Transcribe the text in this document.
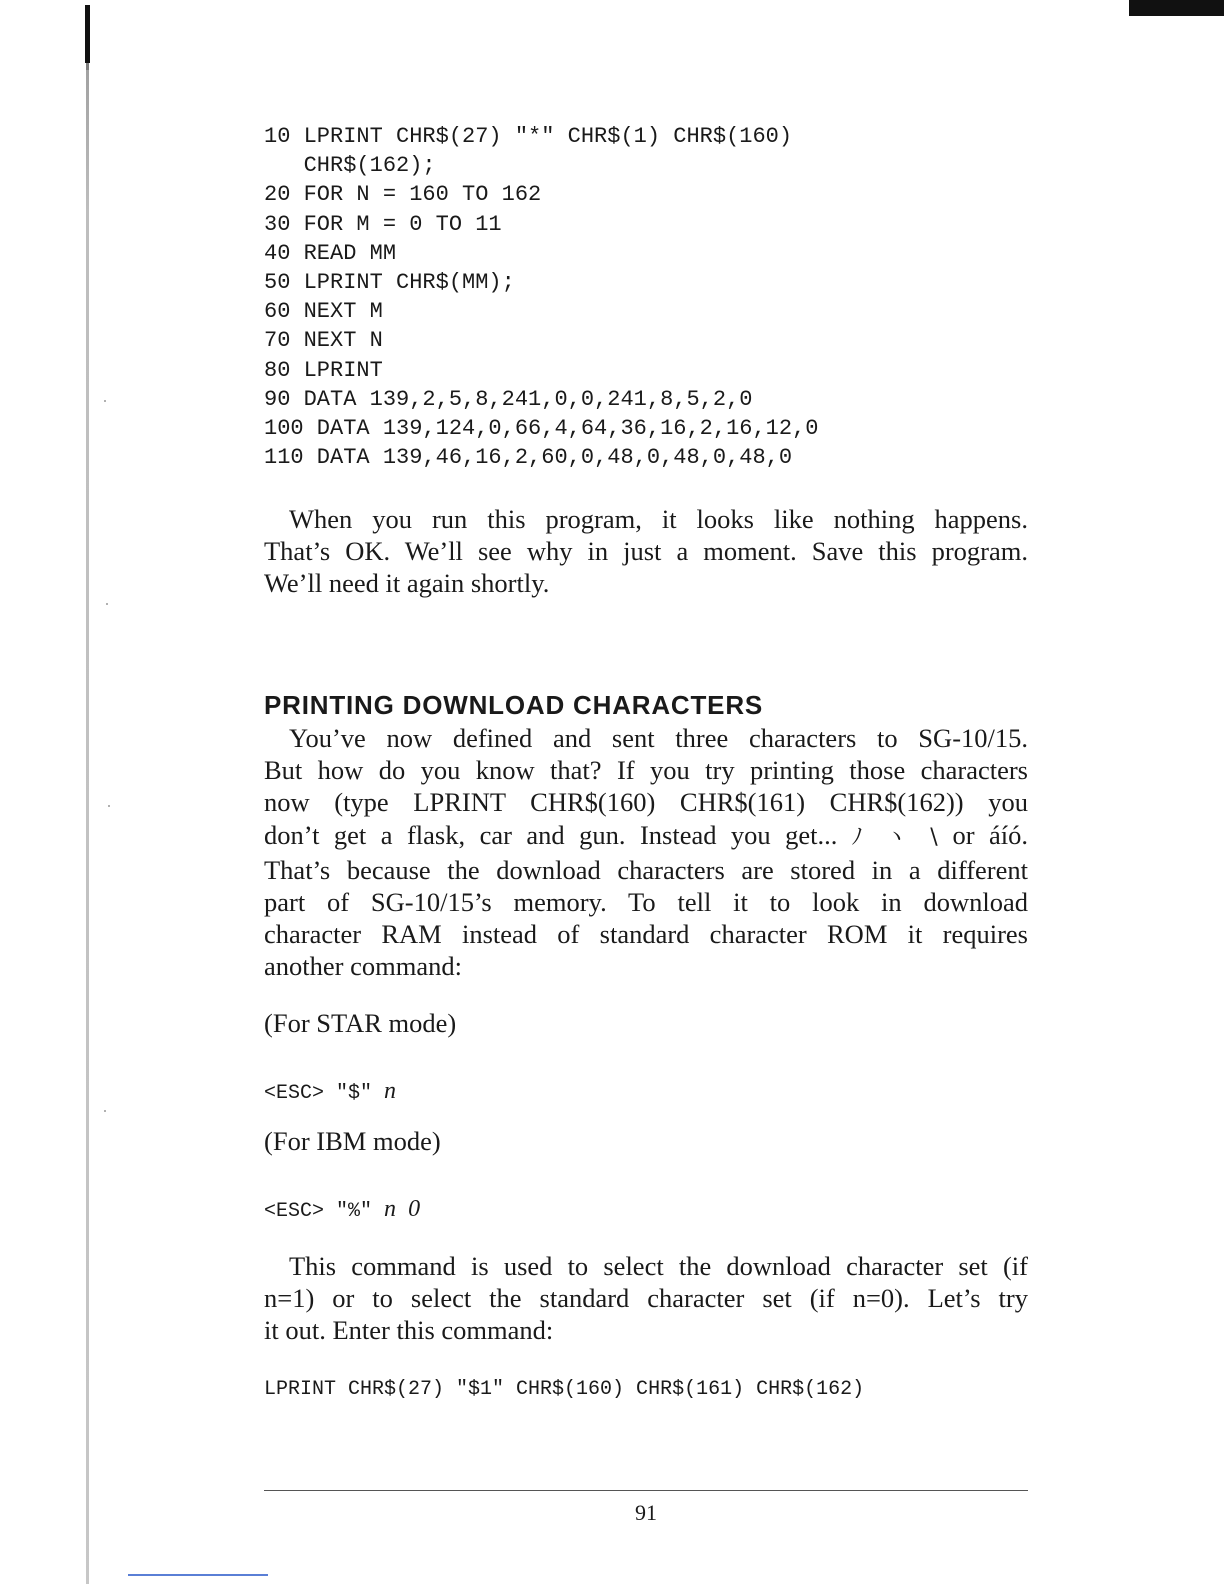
10 LPRINT CHR$(27) "*" CHR$(1) CHR$(160)
CHR$(162);
20 FOR N = 160 TO 162
30 FOR M = 0 TO 11
40 READ MM
50 LPRINT CHR$(MM);
60 NEXT M
70 NEXT N
80 LPRINT
90 DATA 139,2,5,8,241,0,0,241,8,5,2,0
100 DATA 139,124,0,66,4,64,36,16,2,16,12,0
110 DATA 139,46,16,2,60,0,48,0,48,0,48,0
When you run this program, it looks like nothing happens.
That’s OK. We’ll see why in just a moment. Save this program.
We’ll need it again shortly.
PRINTING DOWNLOAD CHARACTERS
You’ve now defined and sent three characters to SG-10/15.
But how do you know that? If you try printing those characters
now (type LPRINT CHR$(160) CHR$(161) CHR$(162)) you
don’t get a flask, car and gun. Instead you get... ﾉ ヽ \ or áíó.
That’s because the download characters are stored in a different
part of SG-10/15’s memory. To tell it to look in download
character RAM instead of standard character ROM it requires
another command:

(For STAR mode)

<ESC> "$" n

(For IBM mode)

<ESC> "%" n 0

This command is used to select the download character set (if
n=1) or to select the standard character set (if n=0). Let’s try
it out. Enter this command:

LPRINT CHR$(27) "$1" CHR$(160) CHR$(161) CHR$(162)

91
